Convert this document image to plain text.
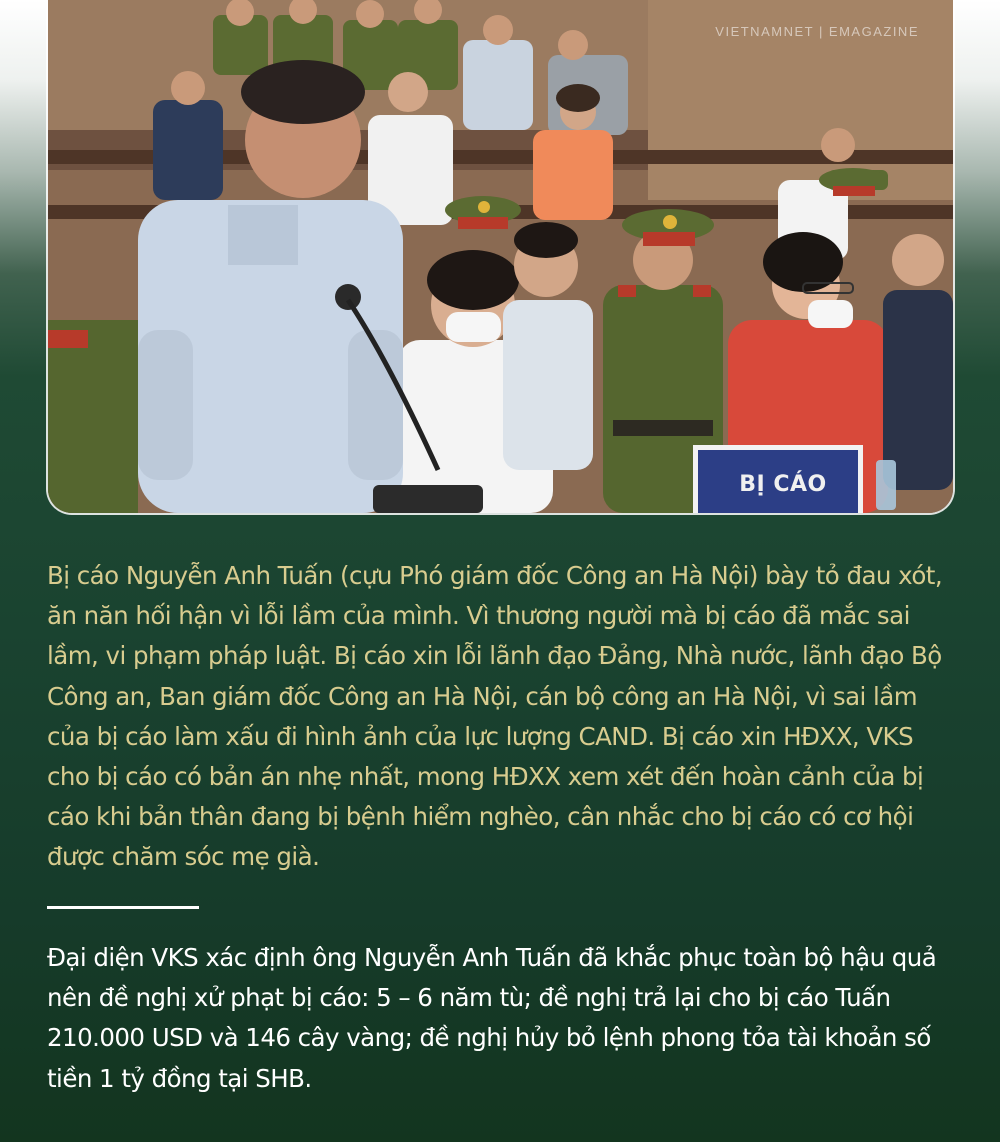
VIETNAMNET | EMAGAZINE
BỊ CÁO

Bị cáo Nguyễn Anh Tuấn (cựu Phó giám đốc Công an Hà Nội) bày tỏ đau xót, ăn năn hối hận vì lỗi lầm của mình. Vì thương người mà bị cáo đã mắc sai lầm, vi phạm pháp luật. Bị cáo xin lỗi lãnh đạo Đảng, Nhà nước, lãnh đạo Bộ Công an, Ban giám đốc Công an Hà Nội, cán bộ công an Hà Nội, vì sai lầm của bị cáo làm xấu đi hình ảnh của lực lượng CAND. Bị cáo xin HĐXX, VKS cho bị cáo có bản án nhẹ nhất, mong HĐXX xem xét đến hoàn cảnh của bị cáo khi bản thân đang bị bệnh hiểm nghèo, cân nhắc cho bị cáo có cơ hội được chăm sóc mẹ già.

Đại diện VKS xác định ông Nguyễn Anh Tuấn đã khắc phục toàn bộ hậu quả nên đề nghị xử phạt bị cáo: 5 – 6 năm tù; đề nghị trả lại cho bị cáo Tuấn 210.000 USD và 146 cây vàng; đề nghị hủy bỏ lệnh phong tỏa tài khoản số tiền 1 tỷ đồng tại SHB.
